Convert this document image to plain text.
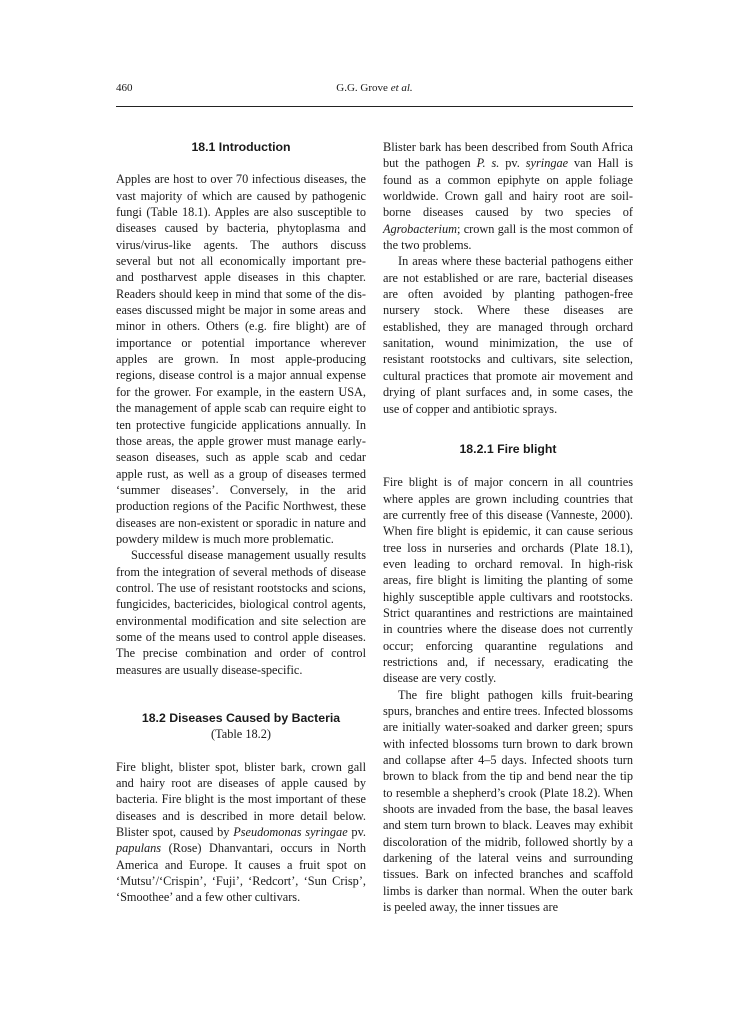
460	G.G. Grove et al.

18.1 Introduction

Apples are host to over 70 infectious diseases, the vast majority of which are caused by pathogenic fungi (Table 18.1). Apples are also susceptible to diseases caused by bacteria, phytoplasma and virus/virus-like agents. The authors discuss several but not all economically important pre- and postharvest apple diseases in this chapter. Readers should keep in mind that some of the diseases discussed might be major in some areas and minor in others. Others (e.g. fire blight) are of importance or potential importance wherever apples are grown. In most apple-producing regions, disease control is a major annual expense for the grower. For example, in the eastern USA, the management of apple scab can require eight to ten protective fungicide applications annually. In those areas, the apple grower must manage early-season diseases, such as apple scab and cedar apple rust, as well as a group of diseases termed ‘summer diseases’. Conversely, in the arid production regions of the Pacific Northwest, these diseases are non-existent or sporadic in nature and powdery mildew is much more problematic.

Successful disease management usually results from the integration of several methods of disease control. The use of resistant rootstocks and scions, fungicides, bactericides, biological control agents, environmental modification and site selection are some of the means used to control apple diseases. The precise combination and order of control measures are usually disease-specific.

18.2 Diseases Caused by Bacteria

(Table 18.2)

Fire blight, blister spot, blister bark, crown gall and hairy root are diseases of apple caused by bacteria. Fire blight is the most important of these diseases and is described in more detail below. Blister spot, caused by Pseudomonas syringae pv. papulans (Rose) Dhanvantari, occurs in North America and Europe. It causes a fruit spot on ‘Mutsu’/‘Crispin’, ‘Fuji’, ‘Redcort’, ‘Sun Crisp’, ‘Smoothee’ and a few other cultivars.

Blister bark has been described from South Africa but the pathogen P. s. pv. syringae van Hall is found as a common epiphyte on apple foliage worldwide. Crown gall and hairy root are soil-borne diseases caused by two species of Agrobacterium; crown gall is the most common of the two problems.

In areas where these bacterial pathogens either are not established or are rare, bacterial diseases are often avoided by planting pathogen-free nursery stock. Where these diseases are established, they are managed through orchard sanitation, wound minimization, the use of resistant rootstocks and cultivars, site selection, cultural practices that promote air movement and drying of plant surfaces and, in some cases, the use of copper and antibiotic sprays.

18.2.1 Fire blight

Fire blight is of major concern in all countries where apples are grown including countries that are currently free of this disease (Vanneste, 2000). When fire blight is epidemic, it can cause serious tree loss in nurseries and orchards (Plate 18.1), even leading to orchard removal. In high-risk areas, fire blight is limiting the planting of some highly susceptible apple cultivars and rootstocks. Strict quarantines and restrictions are maintained in countries where the disease does not currently occur; enforcing quarantine regulations and restrictions and, if necessary, eradicating the disease are very costly.

The fire blight pathogen kills fruit-bearing spurs, branches and entire trees. Infected blossoms are initially water-soaked and darker green; spurs with infected blossoms turn brown to dark brown and collapse after 4–5 days. Infected shoots turn brown to black from the tip and bend near the tip to resemble a shepherd’s crook (Plate 18.2). When shoots are invaded from the base, the basal leaves and stem turn brown to black. Leaves may exhibit discoloration of the midrib, followed shortly by a darkening of the lateral veins and surrounding tissues. Bark on infected branches and scaffold limbs is darker than normal. When the outer bark is peeled away, the inner tissues are
